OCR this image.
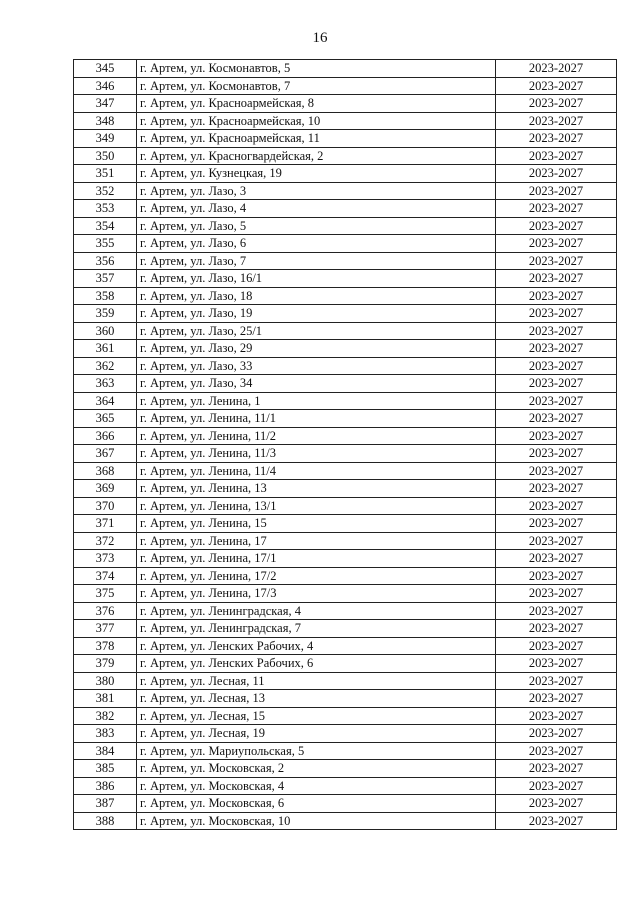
16
345	г. Артем, ул. Космонавтов, 5	2023-2027
346	г. Артем, ул. Космонавтов, 7	2023-2027
347	г. Артем, ул. Красноармейская, 8	2023-2027
348	г. Артем, ул. Красноармейская, 10	2023-2027
349	г. Артем, ул. Красноармейская, 11	2023-2027
350	г. Артем, ул. Красногвардейская, 2	2023-2027
351	г. Артем, ул. Кузнецкая, 19	2023-2027
352	г. Артем, ул. Лазо, 3	2023-2027
353	г. Артем, ул. Лазо, 4	2023-2027
354	г. Артем, ул. Лазо, 5	2023-2027
355	г. Артем, ул. Лазо, 6	2023-2027
356	г. Артем, ул. Лазо, 7	2023-2027
357	г. Артем, ул. Лазо, 16/1	2023-2027
358	г. Артем, ул. Лазо, 18	2023-2027
359	г. Артем, ул. Лазо, 19	2023-2027
360	г. Артем, ул. Лазо, 25/1	2023-2027
361	г. Артем, ул. Лазо, 29	2023-2027
362	г. Артем, ул. Лазо, 33	2023-2027
363	г. Артем, ул. Лазо, 34	2023-2027
364	г. Артем, ул. Ленина, 1	2023-2027
365	г. Артем, ул. Ленина, 11/1	2023-2027
366	г. Артем, ул. Ленина, 11/2	2023-2027
367	г. Артем, ул. Ленина, 11/3	2023-2027
368	г. Артем, ул. Ленина, 11/4	2023-2027
369	г. Артем, ул. Ленина, 13	2023-2027
370	г. Артем, ул. Ленина, 13/1	2023-2027
371	г. Артем, ул. Ленина, 15	2023-2027
372	г. Артем, ул. Ленина, 17	2023-2027
373	г. Артем, ул. Ленина, 17/1	2023-2027
374	г. Артем, ул. Ленина, 17/2	2023-2027
375	г. Артем, ул. Ленина, 17/3	2023-2027
376	г. Артем, ул. Ленинградская, 4	2023-2027
377	г. Артем, ул. Ленинградская, 7	2023-2027
378	г. Артем, ул. Ленских Рабочих, 4	2023-2027
379	г. Артем, ул. Ленских Рабочих, 6	2023-2027
380	г. Артем, ул. Лесная, 11	2023-2027
381	г. Артем, ул. Лесная, 13	2023-2027
382	г. Артем, ул. Лесная, 15	2023-2027
383	г. Артем, ул. Лесная, 19	2023-2027
384	г. Артем, ул. Мариупольская, 5	2023-2027
385	г. Артем, ул. Московская, 2	2023-2027
386	г. Артем, ул. Московская, 4	2023-2027
387	г. Артем, ул. Московская, 6	2023-2027
388	г. Артем, ул. Московская, 10	2023-2027
